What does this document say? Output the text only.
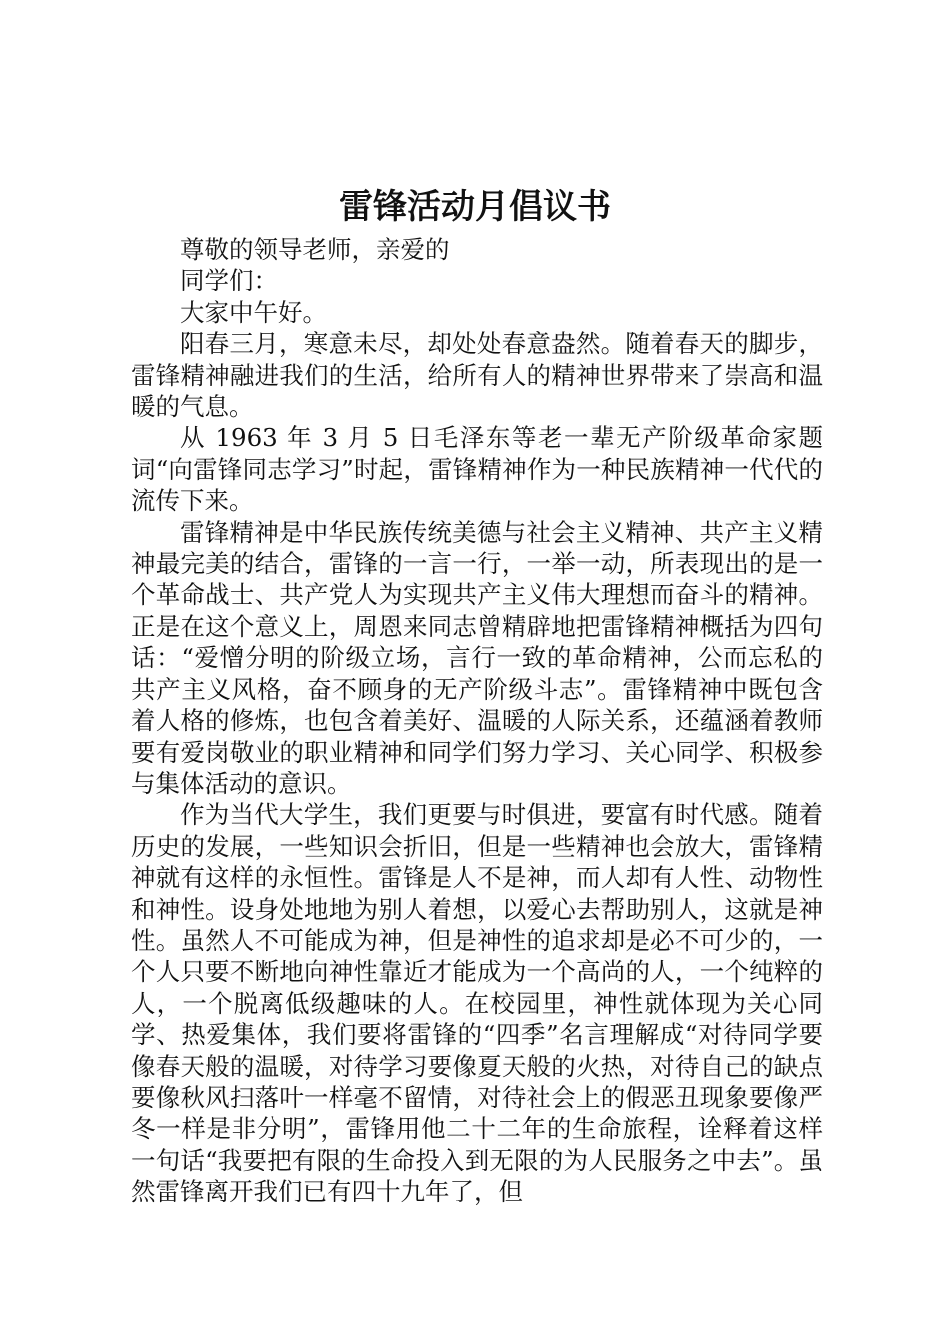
雷锋活动月倡议书

尊敬的领导老师，亲爱的

同学们：

大家中午好。

阳春三月，寒意未尽，却处处春意盎然。随着春天的脚步，雷锋精神融进我们的生活，给所有人的精神世界带来了崇高和温暖的气息。

从 1963 年 3 月 5 日毛泽东等老一辈无产阶级革命家题词“向雷锋同志学习”时起，雷锋精神作为一种民族精神一代代的流传下来。

雷锋精神是中华民族传统美德与社会主义精神、共产主义精神最完美的结合，雷锋的一言一行，一举一动，所表现出的是一个革命战士、共产党人为实现共产主义伟大理想而奋斗的精神。正是在这个意义上，周恩来同志曾精辟地把雷锋精神概括为四句话：“爱憎分明的阶级立场，言行一致的革命精神，公而忘私的共产主义风格，奋不顾身的无产阶级斗志”。雷锋精神中既包含着人格的修炼，也包含着美好、温暖的人际关系，还蕴涵着教师要有爱岗敬业的职业精神和同学们努力学习、关心同学、积极参与集体活动的意识。

作为当代大学生，我们更要与时俱进，要富有时代感。随着历史的发展，一些知识会折旧，但是一些精神也会放大，雷锋精神就有这样的永恒性。雷锋是人不是神，而人却有人性、动物性和神性。设身处地地为别人着想，以爱心去帮助别人，这就是神性。虽然人不可能成为神，但是神性的追求却是必不可少的，一个人只要不断地向神性靠近才能成为一个高尚的人，一个纯粹的人，一个脱离低级趣味的人。在校园里，神性就体现为关心同学、热爱集体，我们要将雷锋的“四季”名言理解成“对待同学要像春天般的温暖，对待学习要像夏天般的火热，对待自己的缺点要像秋风扫落叶一样毫不留情，对待社会上的假恶丑现象要像严冬一样是非分明”，雷锋用他二十二年的生命旅程，诠释着这样一句话“我要把有限的生命投入到无限的为人民服务之中去”。虽然雷锋离开我们已有四十九年了，但
